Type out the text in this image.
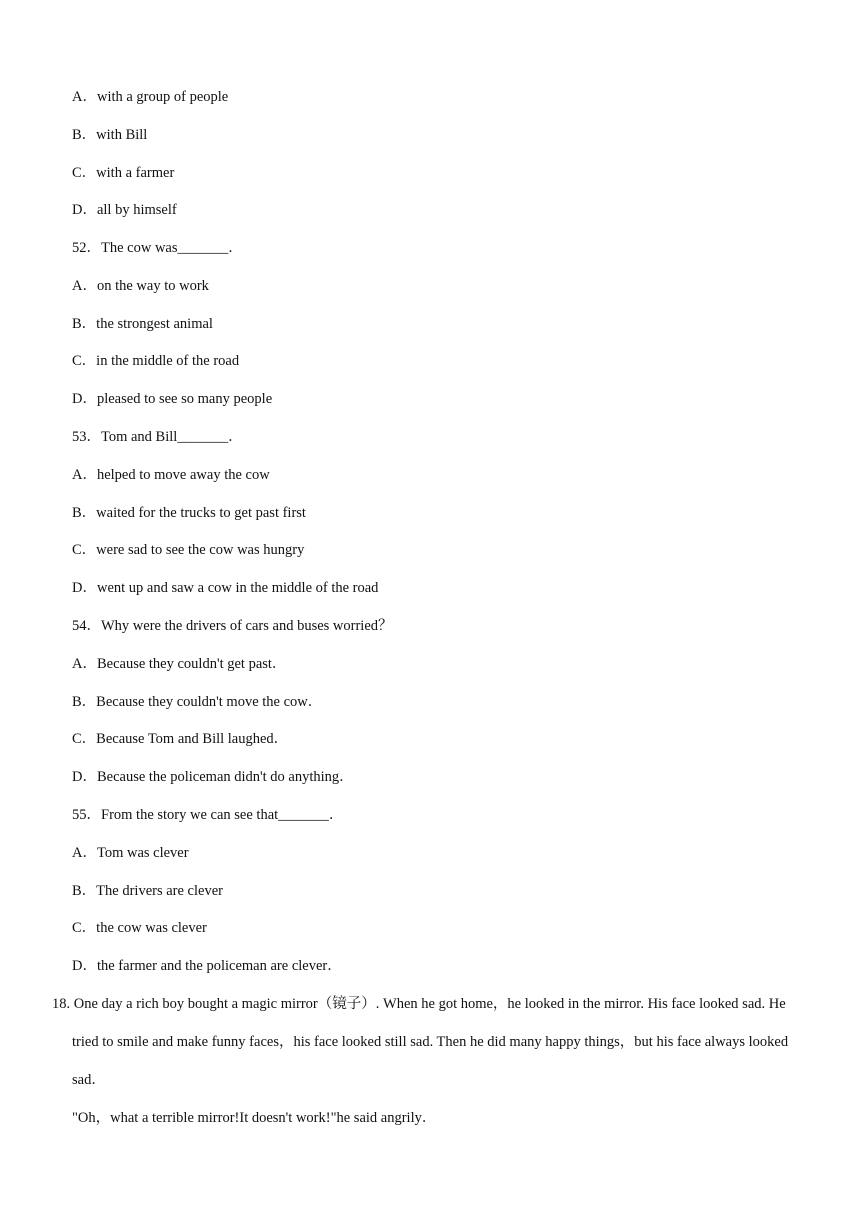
A．with a group of people
B．with Bill
C．with a farmer
D．all by himself
52．The cow was_______．
A．on the way to work
B．the strongest animal
C．in the middle of the road
D．pleased to see so many people
53．Tom and Bill_______．
A．helped to move away the cow
B．waited for the trucks to get past first
C．were sad to see the cow was hungry
D．went up and saw a cow in the middle of the road
54．Why were the drivers of cars and buses worried？
A．Because they couldn't get past．
B．Because they couldn't move the cow．
C．Because Tom and Bill laughed．
D．Because the policeman didn't do anything．
55．From the story we can see that_______．
A．Tom was clever
B．The drivers are clever
C．the cow was clever
D．the farmer and the policeman are clever．
18. One day a rich boy bought a magic mirror（镜子）. When he got home，he looked in the mirror. His face looked sad. He
tried to smile and make funny faces，his face looked still sad. Then he did many happy things，but his face always looked
sad．
"Oh，what a terrible mirror!It doesn't work!"he said angrily．
